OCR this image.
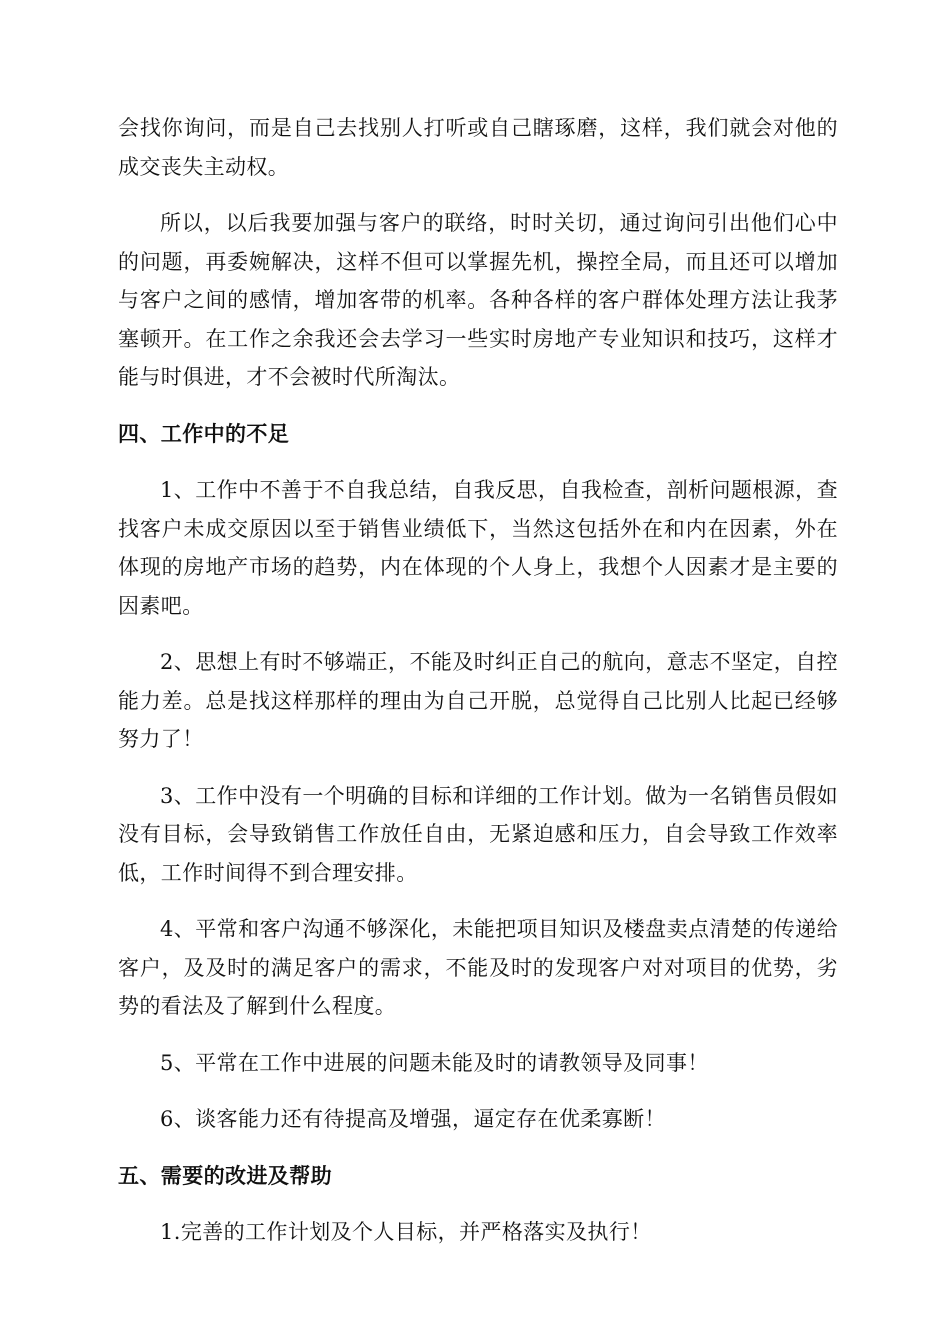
会找你询问，而是自己去找别人打听或自己瞎琢磨，这样，我们就会对他的成交丧失主动权。

所以，以后我要加强与客户的联络，时时关切，通过询问引出他们心中的问题，再委婉解决，这样不但可以掌握先机，操控全局，而且还可以增加与客户之间的感情，增加客带的机率。各种各样的客户群体处理方法让我茅塞顿开。在工作之余我还会去学习一些实时房地产专业知识和技巧，这样才能与时俱进，才不会被时代所淘汰。

四、工作中的不足

1、工作中不善于不自我总结，自我反思，自我检查，剖析问题根源，查找客户未成交原因以至于销售业绩低下，当然这包括外在和内在因素，外在体现的房地产市场的趋势，内在体现的个人身上，我想个人因素才是主要的因素吧。

2、思想上有时不够端正，不能及时纠正自己的航向，意志不坚定，自控能力差。总是找这样那样的理由为自己开脱，总觉得自己比别人比起已经够努力了！

3、工作中没有一个明确的目标和详细的工作计划。做为一名销售员假如没有目标，会导致销售工作放任自由，无紧迫感和压力，自会导致工作效率低，工作时间得不到合理安排。

4、平常和客户沟通不够深化，未能把项目知识及楼盘卖点清楚的传递给客户，及及时的满足客户的需求，不能及时的发现客户对对项目的优势，劣势的看法及了解到什么程度。

5、平常在工作中进展的问题未能及时的请教领导及同事！

6、谈客能力还有待提高及增强，逼定存在优柔寡断！

五、需要的改进及帮助

1.完善的工作计划及个人目标，并严格落实及执行！
